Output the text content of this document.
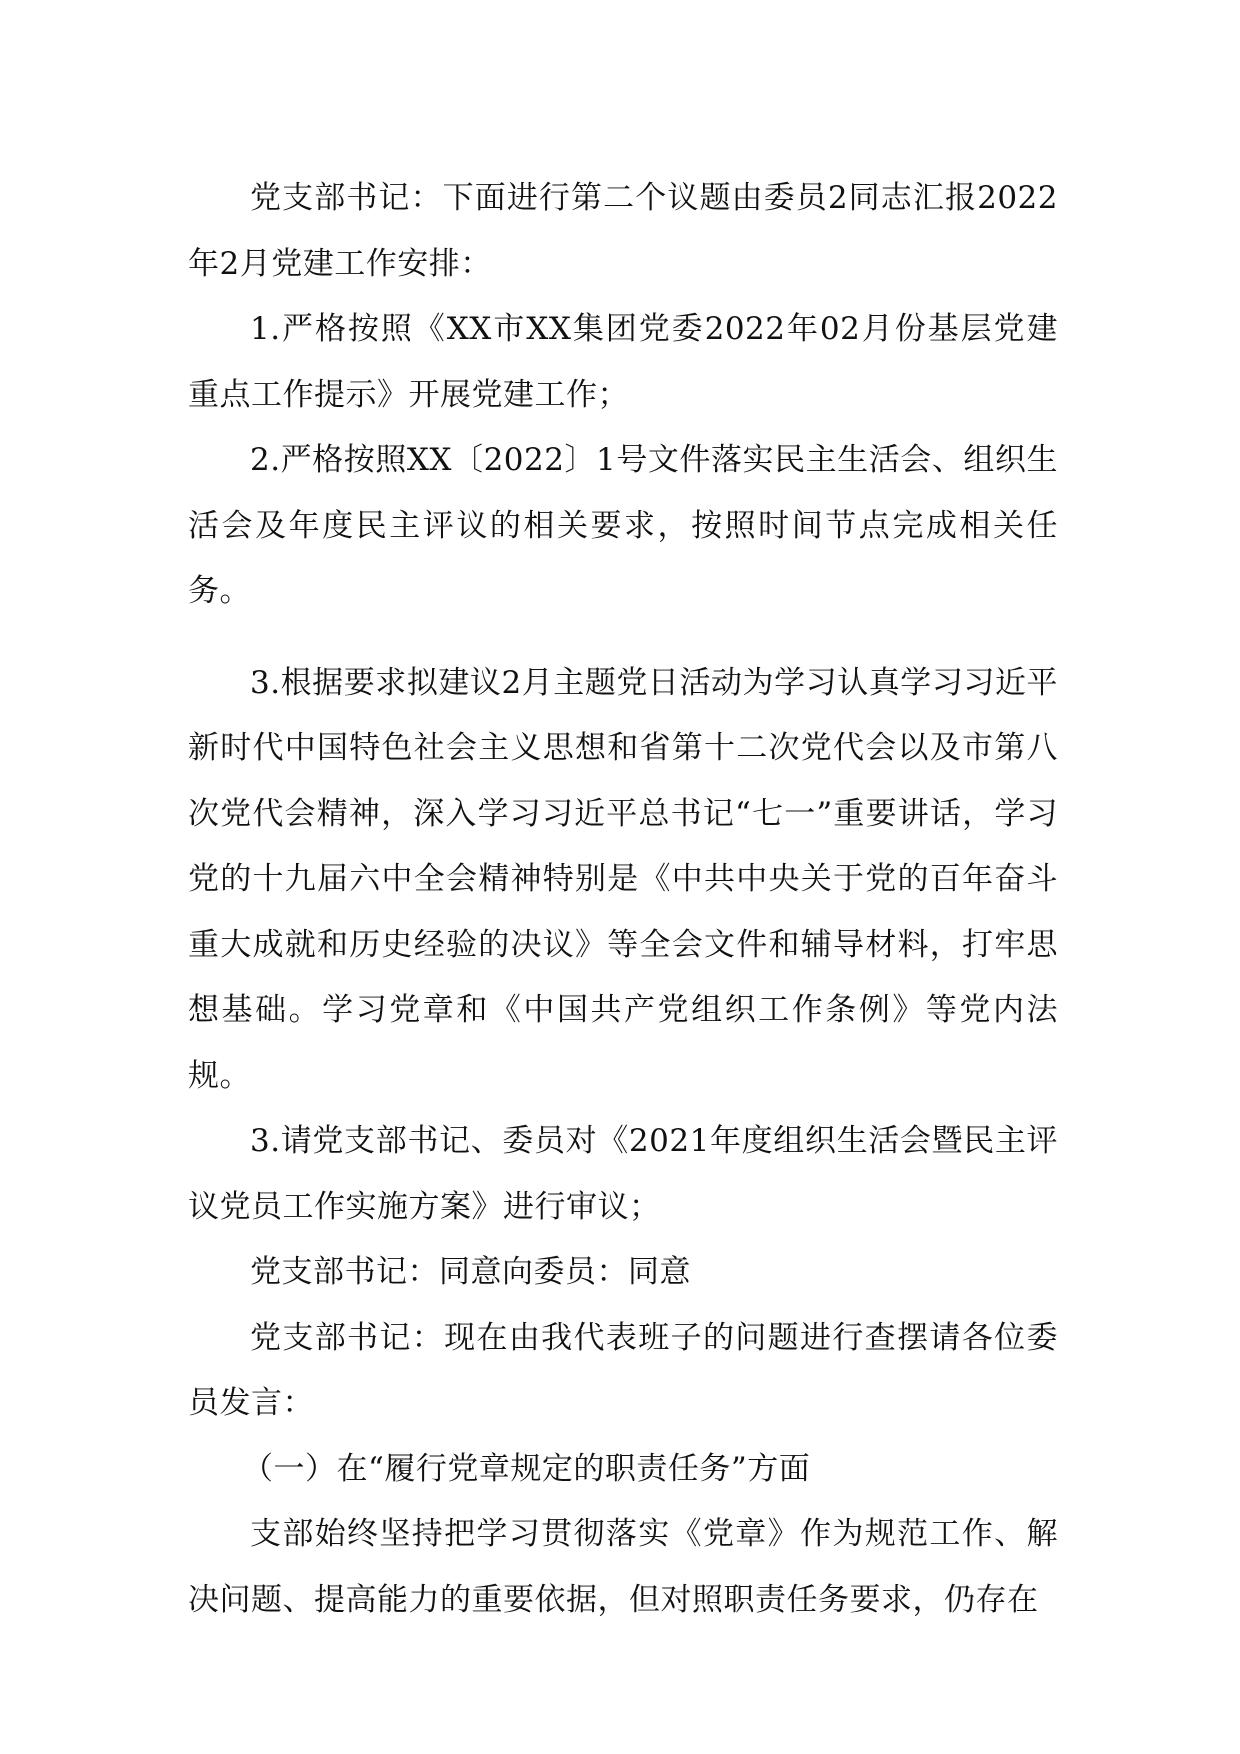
党支部书记：下面进行第二个议题由委员2同志汇报2022年2月党建工作安排：

1.严格按照《XX市XX集团党委2022年02月份基层党建重点工作提示》开展党建工作；

2.严格按照XX〔2022〕1号文件落实民主生活会、组织生活会及年度民主评议的相关要求，按照时间节点完成相关任务。

3.根据要求拟建议2月主题党日活动为学习认真学习习近平新时代中国特色社会主义思想和省第十二次党代会以及市第八次党代会精神，深入学习习近平总书记“七一”重要讲话，学习党的十九届六中全会精神特别是《中共中央关于党的百年奋斗重大成就和历史经验的决议》等全会文件和辅导材料，打牢思想基础。学习党章和《中国共产党组织工作条例》等党内法规。

3.请党支部书记、委员对《2021年度组织生活会暨民主评议党员工作实施方案》进行审议；

党支部书记：同意向委员：同意

党支部书记：现在由我代表班子的问题进行查摆请各位委员发言：

（一）在“履行党章规定的职责任务”方面

支部始终坚持把学习贯彻落实《党章》作为规范工作、解决问题、提高能力的重要依据，但对照职责任务要求，仍存在
